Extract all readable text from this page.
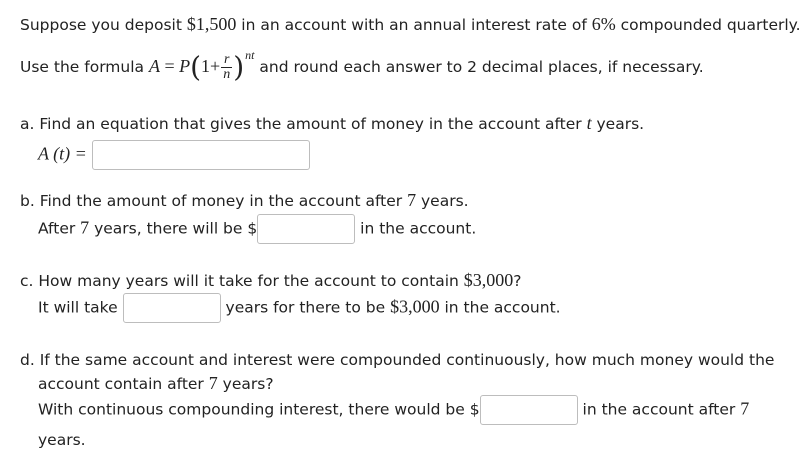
Suppose you deposit $1,500 in an account with an annual interest rate of 6% compounded quarterly.
Use the formula $A = P(1+ \frac{r}{n} )^{nt}$ and round each answer to 2 decimal places, if necessary.
a. Find an equation that gives the amount of money in the account after t years.
A (t) =
b. Find the amount of money in the account after 7 years.
After 7 years, there will be $	in the account.
c. How many years will it take for the account to contain $3,000?
It will take	years for there to be $3,000 in the account.
d. If the same account and interest were compounded continuously, how much money would the
account contain after 7 years?
With continuous compounding interest, there would be $	in the account after 7
years.
